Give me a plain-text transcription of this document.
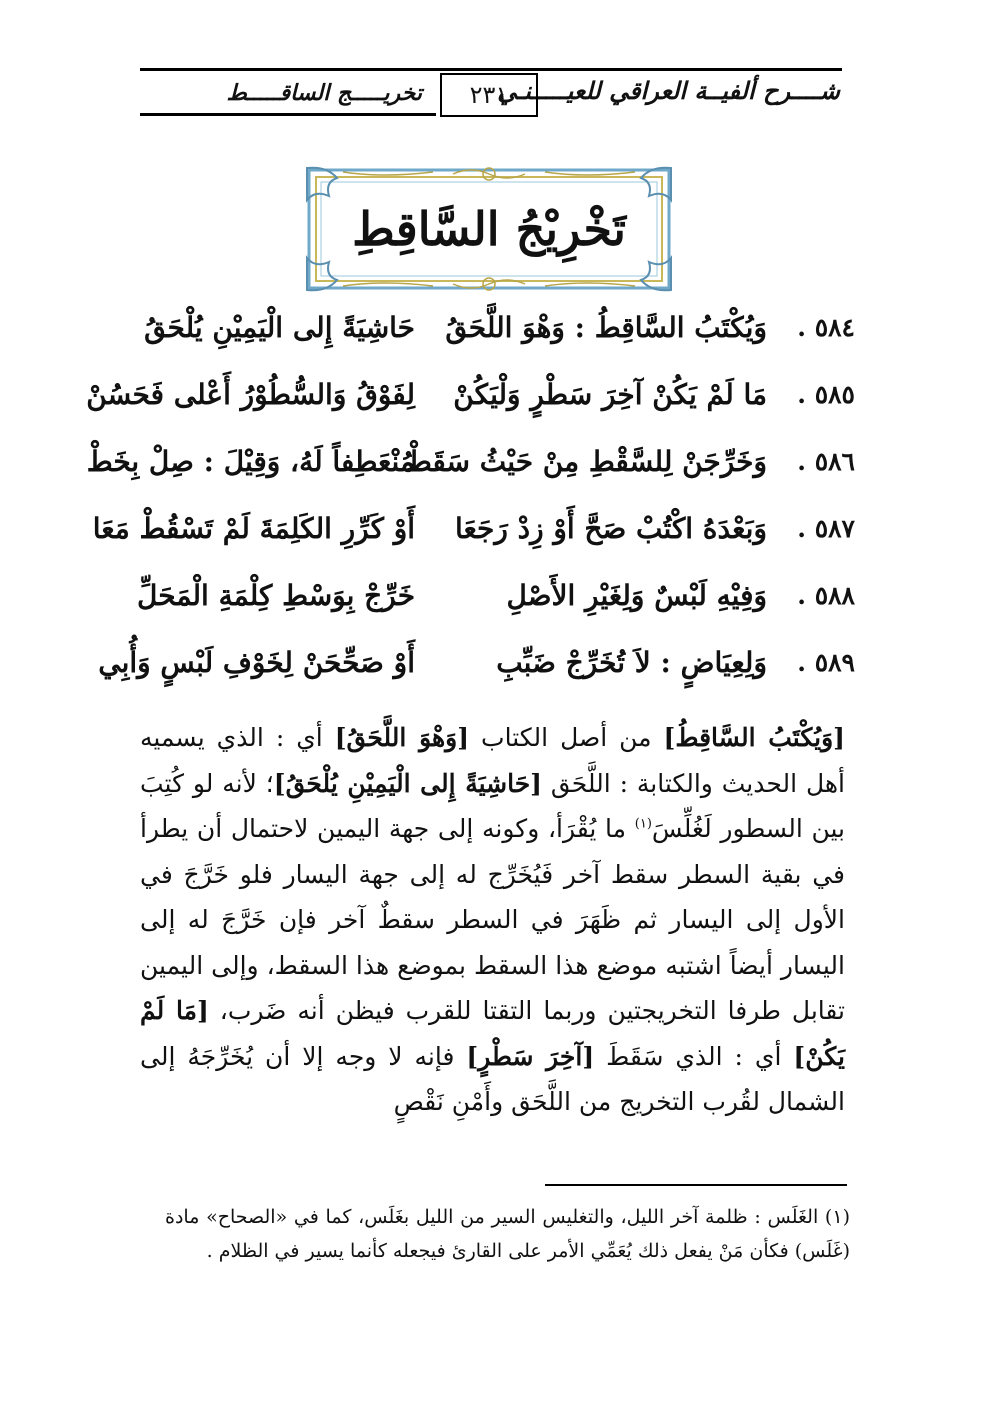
شــــرح ألفيــة العراقي للعيـــــنـي
٢٣١
تخريـــــج الساقـــــط
تَخْرِيْجُ السَّاقِطِ
٥٨٤ .
وَيُكْتَبُ السَّاقِطُ : وَهْوَ اللَّحَقُ
حَاشِيَةً إِلى الْيَمِيْنِ يُلْحَقُ
٥٨٥ .
مَا لَمْ يَكُنْ آخِرَ سَطْرٍ وَلْيَكُنْ
لِفَوْقُ وَالسُّطُوْرُ أَعْلى فَحَسُنْ
٥٨٦ .
وَخَرِّجَنْ لِلسَّقْطِ مِنْ حَيْثُ سَقَطْ
مُنْعَطِفاً لَهُ، وَقِيْلَ : صِلْ بِخَطْ
٥٨٧ .
وَبَعْدَهُ اكْتُبْ صَحَّ أَوْ زِدْ رَجَعَا
أَوْ كَرِّرِ الكَلِمَةَ لَمْ تَسْقُطْ مَعَا
٥٨٨ .
وَفِيْهِ لَبْسٌ وَلِغَيْرِ الأَصْلِ
خَرِّجْ بِوَسْطِ كِلْمَةِ الْمَحَلِّ
٥٨٩ .
وَلِعِيَاضٍ : لاَ تُخَرِّجْ ضَبِّبِ
أَوْ صَحِّحَنْ لِخَوْفِ لَبْسٍ وَأُبِي
[وَيُكْتَبُ السَّاقِطُ] من أصل الكتاب [وَهْوَ اللَّحَقُ] أي : الذي يسميه أهل الحديث والكتابة : اللَّحَق [حَاشِيَةً إِلى الْيَمِيْنِ يُلْحَقُ]؛ لأنه لو كُتِبَ بين السطور لَغُلِّسَ$^{(١)}$ ما يُقْرَأ، وكونه إلى جهة اليمين لاحتمال أن يطرأ في بقية السطر سقط آخر فَيُخَرِّج له إلى جهة اليسار فلو خَرَّجَ في الأول إلى اليسار ثم ظَهَرَ في السطر سقطٌ آخر فإن خَرَّجَ له إلى اليسار أيضاً اشتبه موضع هذا السقط بموضع هذا السقط، وإلى اليمين تقابل طرفا التخريجتين وربما التقتا للقرب فيظن أنه ضَرب، [مَا لَمْ يَكُنْ] أي : الذي سَقَطَ [آخِرَ سَطْرٍ] فإنه لا وجه إلا أن يُخَرِّجَهُ إلى الشمال لقُرب التخريج من اللَّحَق وأَمْنِ نَقْصٍ
(١) الغَلَس : ظلمة آخر الليل، والتغليس السير من الليل بغَلَس، كما في «الصحاح» مادة (غَلَس) فكأن مَنْ يفعل ذلك يُعَمِّي الأمر على القارئ فيجعله كأنما يسير في الظلام .
